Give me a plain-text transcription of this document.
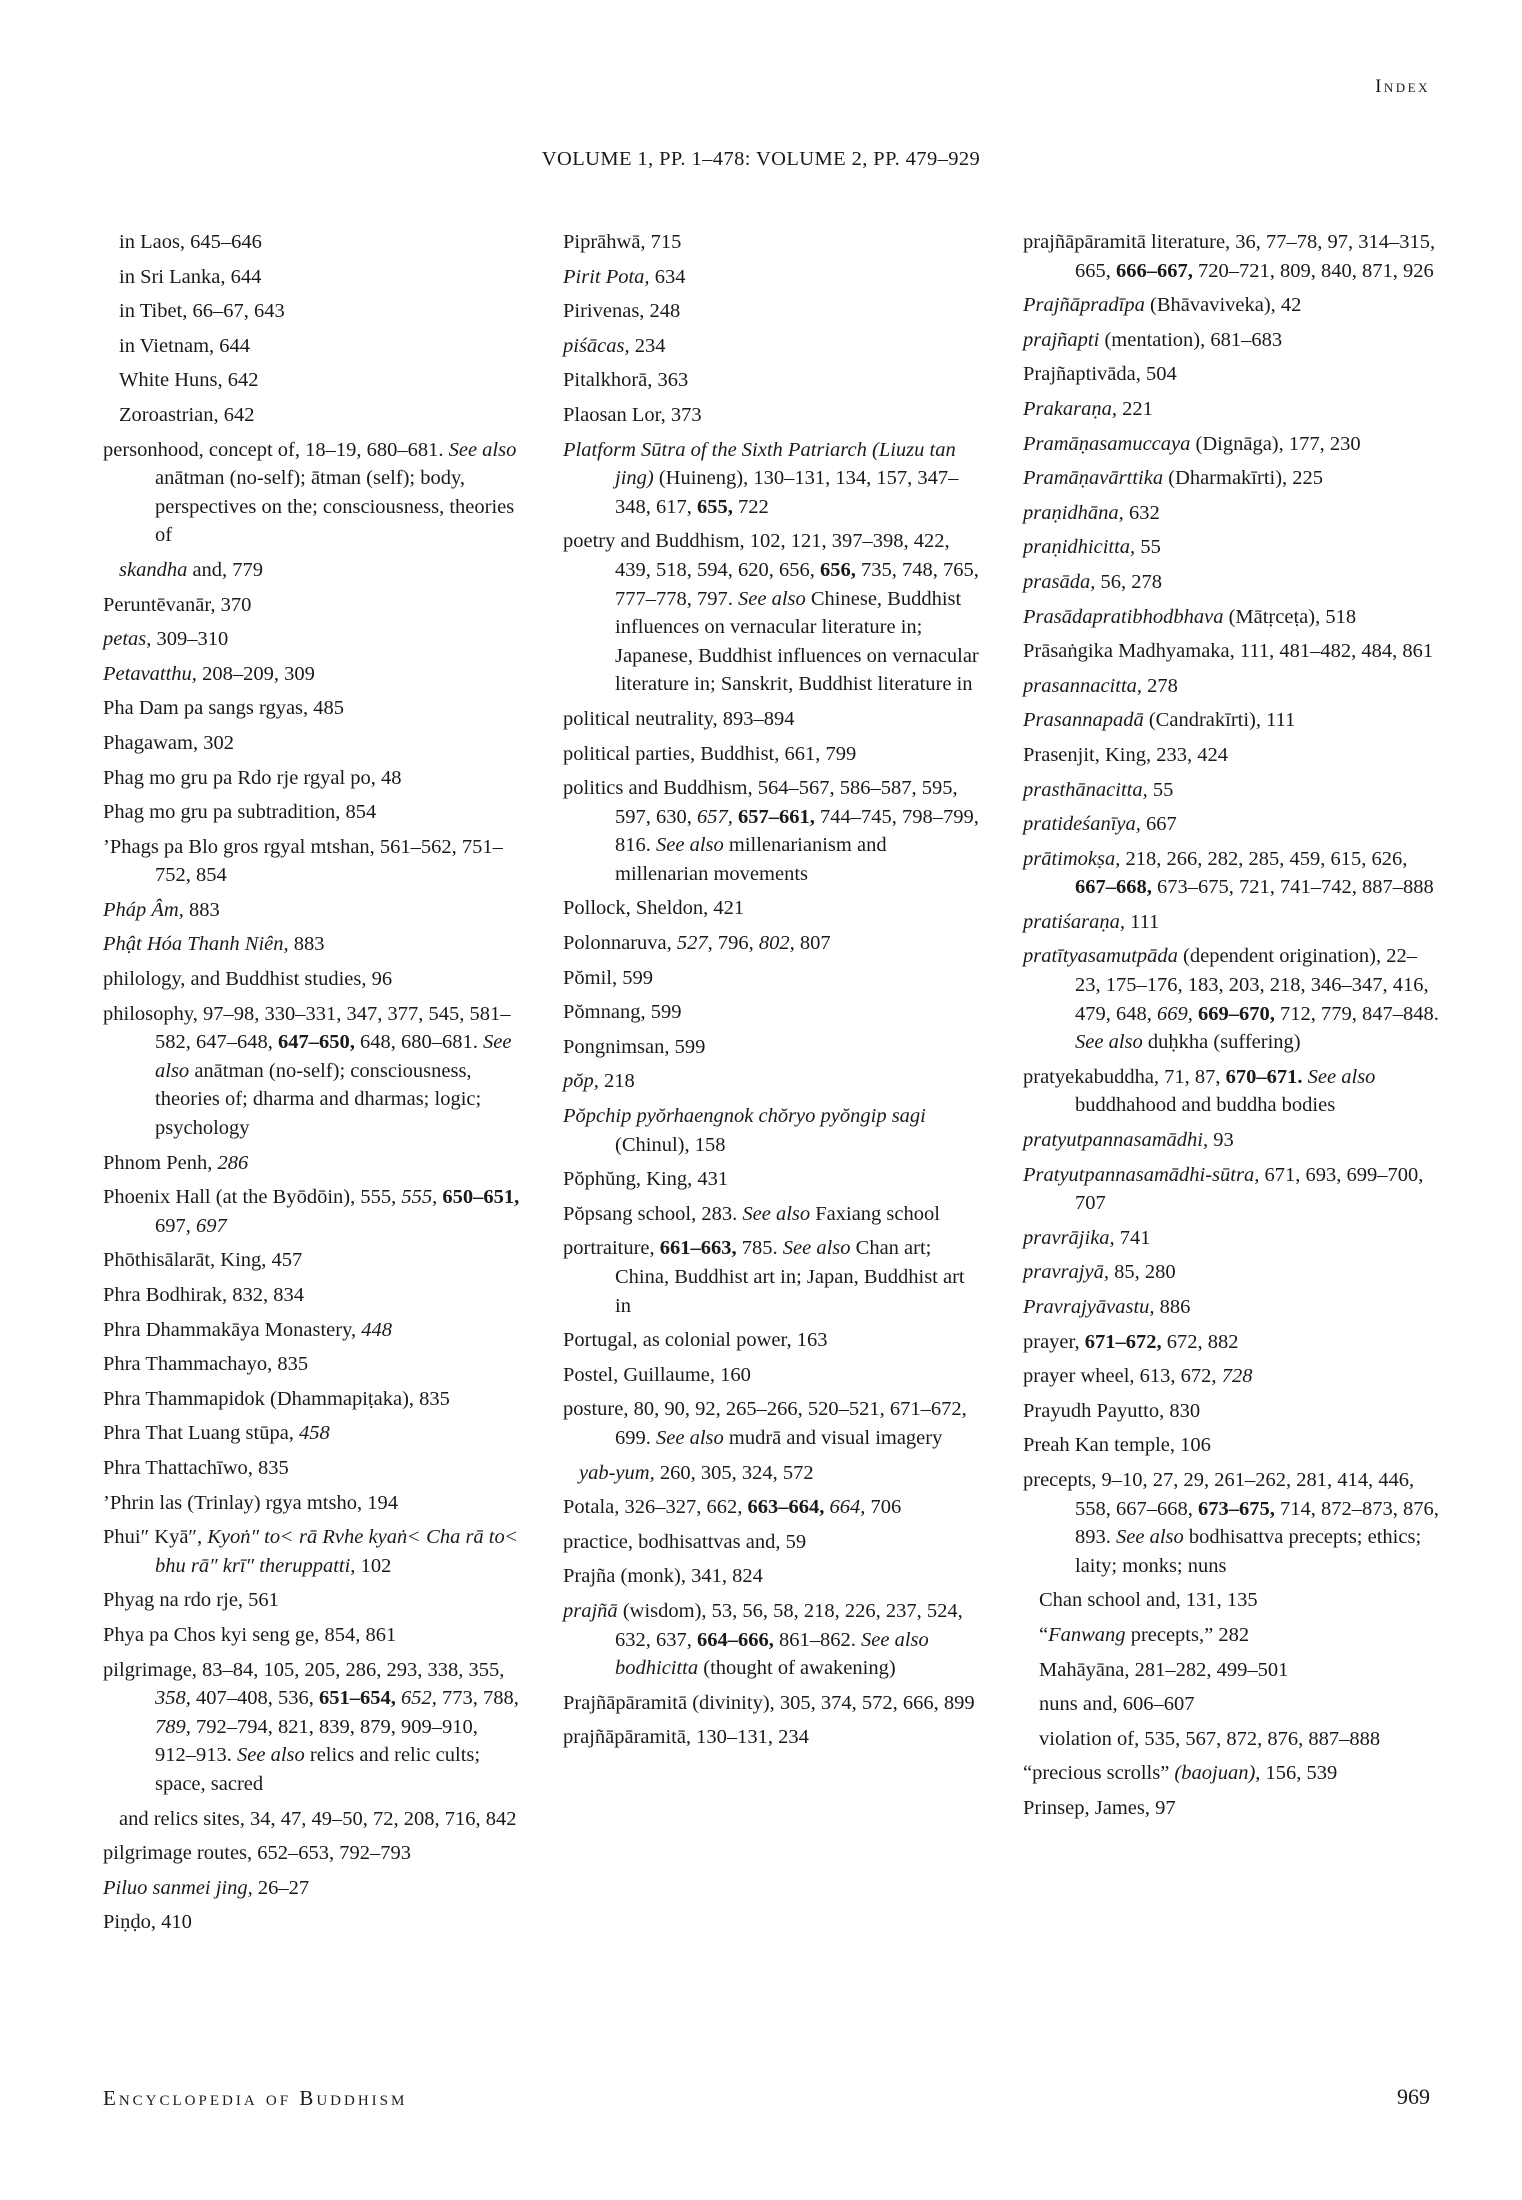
Index
VOLUME 1, PP. 1–478: VOLUME 2, PP. 479–929
in Laos, 645–646
in Sri Lanka, 644
in Tibet, 66–67, 643
in Vietnam, 644
White Huns, 642
Zoroastrian, 642
personhood, concept of, 18–19, 680–681. See also anātman (no-self); ātman (self); body, perspectives on the; consciousness, theories of
skandha and, 779
Peruntēvanār, 370
petas, 309–310
Petavatthu, 208–209, 309
Pha Dam pa sangs rgyas, 485
Phagawam, 302
Phag mo gru pa Rdo rje rgyal po, 48
Phag mo gru pa subtradition, 854
’Phags pa Blo gros rgyal mtshan, 561–562, 751–752, 854
Pháp Âm, 883
Phật Hóa Thanh Niên, 883
philology, and Buddhist studies, 96
philosophy, 97–98, 330–331, 347, 377, 545, 581–582, 647–648, 647–650, 648, 680–681. See also anātman (no-self); consciousness, theories of; dharma and dharmas; logic; psychology
Phnom Penh, 286
Phoenix Hall (at the Byōdōin), 555, 555, 650–651, 697, 697
Phōthisālarāt, King, 457
Phra Bodhirak, 832, 834
Phra Dhammakāya Monastery, 448
Phra Thammachayo, 835
Phra Thammapidok (Dhammapiṭaka), 835
Phra That Luang stūpa, 458
Phra Thattachīwo, 835
’Phrin las (Trinlay) rgya mtsho, 194
Phui″ Kyā″, Kyoṅ″ to˂ rā Rvhe kyaṅ˂ Cha rā to˂ bhu rā″ krī″ theruppatti, 102
Phyag na rdo rje, 561
Phya pa Chos kyi seng ge, 854, 861
pilgrimage, 83–84, 105, 205, 286, 293, 338, 355, 358, 407–408, 536, 651–654, 652, 773, 788, 789, 792–794, 821, 839, 879, 909–910, 912–913. See also relics and relic cults; space, sacred
and relics sites, 34, 47, 49–50, 72, 208, 716, 842
pilgrimage routes, 652–653, 792–793
Piluo sanmei jing, 26–27
Piṇḍo, 410
Piprāhwā, 715
Pirit Pota, 634
Pirivenas, 248
piśācas, 234
Pitalkhorā, 363
Plaosan Lor, 373
Platform Sūtra of the Sixth Patriarch (Liuzu tan jing) (Huineng), 130–131, 134, 157, 347–348, 617, 655, 722
poetry and Buddhism, 102, 121, 397–398, 422, 439, 518, 594, 620, 656, 656, 735, 748, 765, 777–778, 797. See also Chinese, Buddhist influences on vernacular literature in; Japanese, Buddhist influences on vernacular literature in; Sanskrit, Buddhist literature in
political neutrality, 893–894
political parties, Buddhist, 661, 799
politics and Buddhism, 564–567, 586–587, 595, 597, 630, 657, 657–661, 744–745, 798–799, 816. See also millenarianism and millenarian movements
Pollock, Sheldon, 421
Polonnaruva, 527, 796, 802, 807
Pŏmil, 599
Pŏmnang, 599
Pongnimsan, 599
pŏp, 218
Pŏpchip pyŏrhaengnok chŏryo pyŏngip sagi (Chinul), 158
Pŏphŭng, King, 431
Pŏpsang school, 283. See also Faxiang school
portraiture, 661–663, 785. See also Chan art; China, Buddhist art in; Japan, Buddhist art in
Portugal, as colonial power, 163
Postel, Guillaume, 160
posture, 80, 90, 92, 265–266, 520–521, 671–672, 699. See also mudrā and visual imagery
yab-yum, 260, 305, 324, 572
Potala, 326–327, 662, 663–664, 664, 706
practice, bodhisattvas and, 59
Prajña (monk), 341, 824
prajñā (wisdom), 53, 56, 58, 218, 226, 237, 524, 632, 637, 664–666, 861–862. See also bodhicitta (thought of awakening)
Prajñāpāramitā (divinity), 305, 374, 572, 666, 899
prajñāpāramitā, 130–131, 234
prajñāpāramitā literature, 36, 77–78, 97, 314–315, 665, 666–667, 720–721, 809, 840, 871, 926
Prajñāpradīpa (Bhāvaviveka), 42
prajñapti (mentation), 681–683
Prajñaptivāda, 504
Prakaraṇa, 221
Pramāṇasamuccaya (Dignāga), 177, 230
Pramāṇavārttika (Dharmakīrti), 225
praṇidhāna, 632
praṇidhicitta, 55
prasāda, 56, 278
Prasādapratibhodbhava (Mātṛceṭa), 518
Prāsaṅgika Madhyamaka, 111, 481–482, 484, 861
prasannacitta, 278
Prasannapadā (Candrakīrti), 111
Prasenjit, King, 233, 424
prasthānacitta, 55
pratideśanīya, 667
prātimokṣa, 218, 266, 282, 285, 459, 615, 626, 667–668, 673–675, 721, 741–742, 887–888
pratiśaraṇa, 111
pratītyasamutpāda (dependent origination), 22–23, 175–176, 183, 203, 218, 346–347, 416, 479, 648, 669, 669–670, 712, 779, 847–848. See also duḥkha (suffering)
pratyekabuddha, 71, 87, 670–671. See also buddhahood and buddha bodies
pratyutpannasamādhi, 93
Pratyutpannasamādhi-sūtra, 671, 693, 699–700, 707
pravrājika, 741
pravrajyā, 85, 280
Pravrajyāvastu, 886
prayer, 671–672, 672, 882
prayer wheel, 613, 672, 728
Prayudh Payutto, 830
Preah Kan temple, 106
precepts, 9–10, 27, 29, 261–262, 281, 414, 446, 558, 667–668, 673–675, 714, 872–873, 876, 893. See also bodhisattva precepts; ethics; laity; monks; nuns
Chan school and, 131, 135
“Fanwang precepts,” 282
Mahāyāna, 281–282, 499–501
nuns and, 606–607
violation of, 535, 567, 872, 876, 887–888
“precious scrolls” (baojuan), 156, 539
Prinsep, James, 97
Encyclopedia of Buddhism	969
